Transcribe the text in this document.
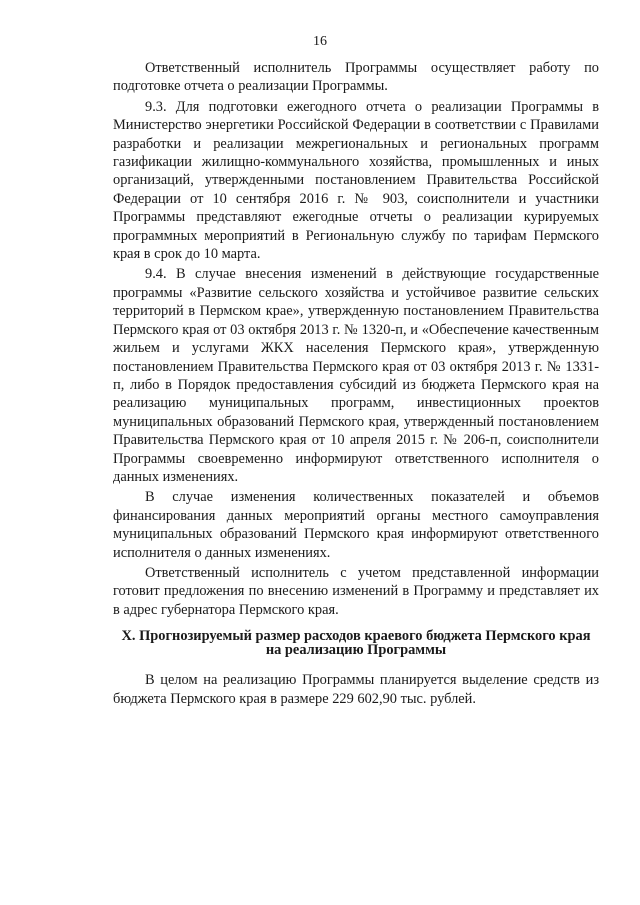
16

Ответственный исполнитель Программы осуществляет работу по подготовке отчета о реализации Программы.

9.3. Для подготовки ежегодного отчета о реализации Программы в Министерство энергетики Российской Федерации в соответствии с Правилами разработки и реализации межрегиональных и региональных программ газификации жилищно-коммунального хозяйства, промышленных и иных организаций, утвержденными постановлением Правительства Российской Федерации от 10 сентября 2016 г. № 903, соисполнители и участники Программы представляют ежегодные отчеты о реализации курируемых программных мероприятий в Региональную службу по тарифам Пермского края в срок до 10 марта.

9.4. В случае внесения изменений в действующие государственные программы «Развитие сельского хозяйства и устойчивое развитие сельских территорий в Пермском крае», утвержденную постановлением Правительства Пермского края от 03 октября 2013 г. № 1320-п, и «Обеспечение качественным жильем и услугами ЖКХ населения Пермского края», утвержденную постановлением Правительства Пермского края от 03 октября 2013 г. № 1331-п, либо в Порядок предоставления субсидий из бюджета Пермского края на реализацию муниципальных программ, инвестиционных проектов муниципальных образований Пермского края, утвержденный постановлением Правительства Пермского края от 10 апреля 2015 г. № 206-п, соисполнители Программы своевременно информируют ответственного исполнителя о данных изменениях.

В случае изменения количественных показателей и объемов финансирования данных мероприятий органы местного самоуправления муниципальных образований Пермского края информируют ответственного исполнителя о данных изменениях.

Ответственный исполнитель с учетом представленной информации готовит предложения по внесению изменений в Программу и представляет их в адрес губернатора Пермского края.

X. Прогнозируемый размер расходов краевого бюджета Пермского края
на реализацию Программы

В целом на реализацию Программы планируется выделение средств из бюджета Пермского края в размере 229 602,90 тыс. рублей.
